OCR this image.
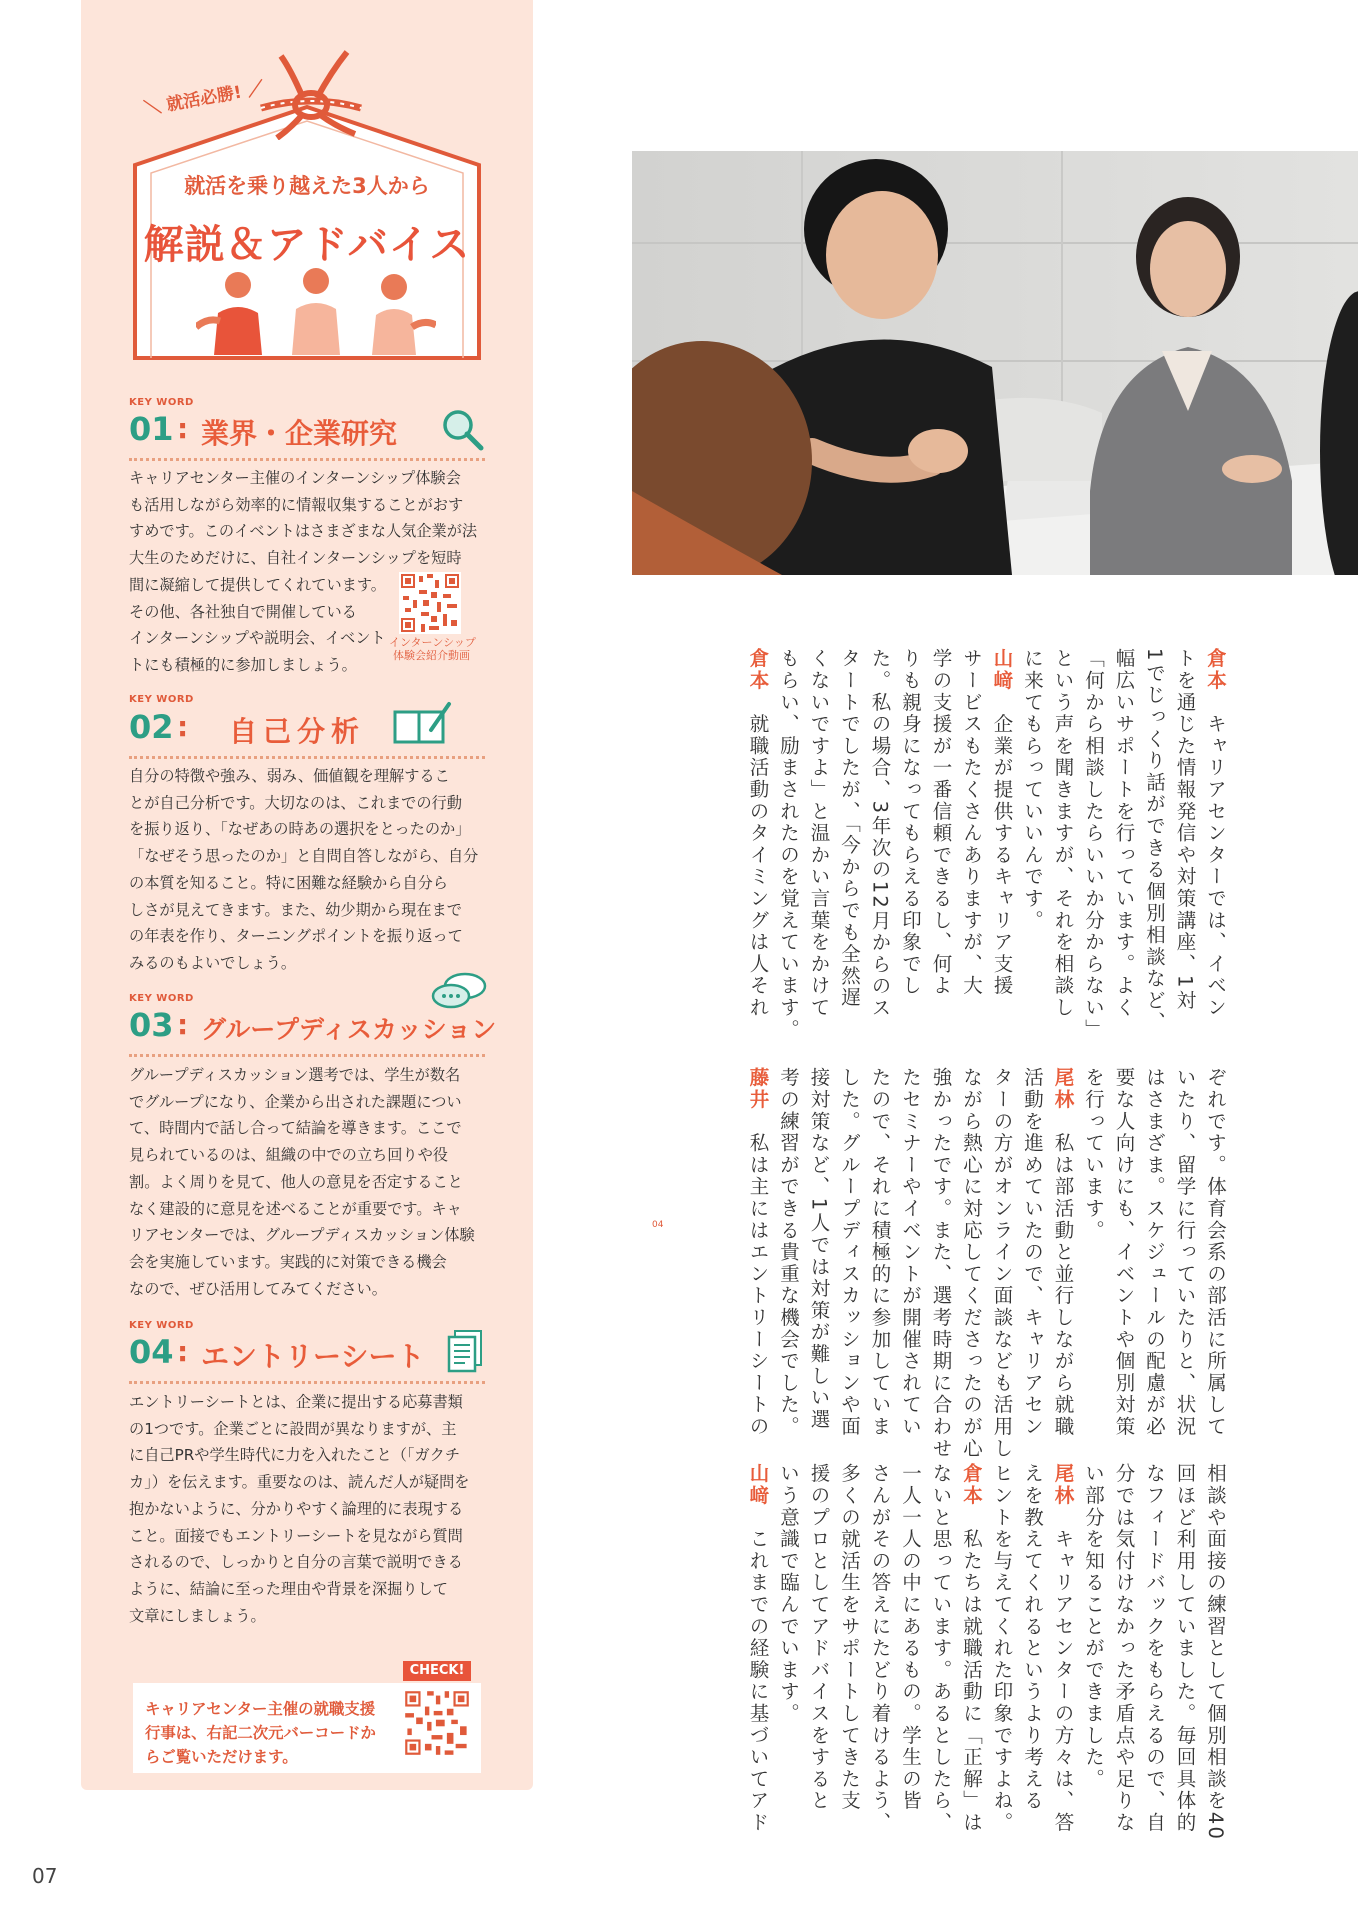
＼ 就活必勝! ／
就活を乗り越えた3人から
解説＆アドバイス
KEY WORD
01 : 業界・企業研究
キャリアセンター主催のインターンシップ体験会
も活用しながら効率的に情報収集することがおす
すめです。このイベントはさまざまな人気企業が法
大生のためだけに、自社インターンシップを短時
間に凝縮して提供してくれています。
その他、各社独自で開催している
インターンシップや説明会、イベント
トにも積極的に参加しましょう。
インターンシップ
体験会紹介動画
KEY WORD
02 : 自己分析
自分の特徴や強み、弱み、価値観を理解するこ
とが自己分析です。大切なのは、これまでの行動
を振り返り、「なぜあの時あの選択をとったのか」
「なぜそう思ったのか」と自問自答しながら、自分
の本質を知ること。特に困難な経験から自分ら
しさが見えてきます。また、幼少期から現在まで
の年表を作り、ターニングポイントを振り返って
みるのもよいでしょう。
KEY WORD
03 : グループディスカッション
グループディスカッション選考では、学生が数名
でグループになり、企業から出された課題につい
て、時間内で話し合って結論を導きます。ここで
見られているのは、組織の中での立ち回りや役
割。よく周りを見て、他人の意見を否定すること
なく建設的に意見を述べることが重要です。キャ
リアセンターでは、グループディスカッション体験
会を実施しています。実践的に対策できる機会
なので、ぜひ活用してみてください。
KEY WORD
04 : エントリーシート
エントリーシートとは、企業に提出する応募書類
の1つです。企業ごとに設問が異なりますが、主
に自己PRや学生時代に力を入れたこと（「ガクチ
カ」）を伝えます。重要なのは、読んだ人が疑問を
抱かないように、分かりやすく論理的に表現する
こと。面接でもエントリーシートを見ながら質問
されるので、しっかりと自分の言葉で説明できる
ように、結論に至った理由や背景を深掘りして
文章にしましょう。
キャリアセンター主催の就職支援
行事は、右記二次元バーコードか
らご覧いただけます。
CHECK!
倉本　キャリアセンターでは、イベン
トを通じた情報発信や対策講座、1対
1でじっくり話ができる個別相談など、
幅広いサポートを行っています。よく
「何から相談したらいいか分からない」
という声を聞きますが、それを相談し
に来てもらっていいんです。
山﨑　企業が提供するキャリア支援
サービスもたくさんありますが、大
学の支援が一番信頼できるし、何よ
りも親身になってもらえる印象でし
た。私の場合、3年次の12月からのス
タートでしたが、「今からでも全然遅
くないですよ」と温かい言葉をかけて
もらい、励まされたのを覚えています。
倉本　就職活動のタイミングは人それ
ぞれです。体育会系の部活に所属して
いたり、留学に行っていたりと、状況
はさまざま。スケジュールの配慮が必
要な人向けにも、イベントや個別対策
を行っています。
尾林　私は部活動と並行しながら就職
活動を進めていたので、キャリアセン
ターの方がオンライン面談なども活用し
ながら熱心に対応してくださったのが心
強かったです。また、選考時期に合わせ
たセミナーやイベントが開催されてい
たので、それに積極的に参加していま
した。グループディスカッションや面
接対策など、1人では対策が難しい選
考の練習ができる貴重な機会でした。
藤井　私は主にはエントリーシートの
相談や面接の練習として個別相談を40
回ほど利用していました。毎回具体的
なフィードバックをもらえるので、自
分では気付けなかった矛盾点や足りな
い部分を知ることができました。
尾林　キャリアセンターの方々は、答
えを教えてくれるというより考える
ヒントを与えてくれた印象ですよね。
倉本　私たちは就職活動に「正解」は
ないと思っています。あるとしたら、
一人一人の中にあるもの。学生の皆
さんがその答えにたどり着けるよう、
多くの就活生をサポートしてきた支
援のプロとしてアドバイスをすると
いう意識で臨んでいます。
山﨑　これまでの経験に基づいてアド
04
07
